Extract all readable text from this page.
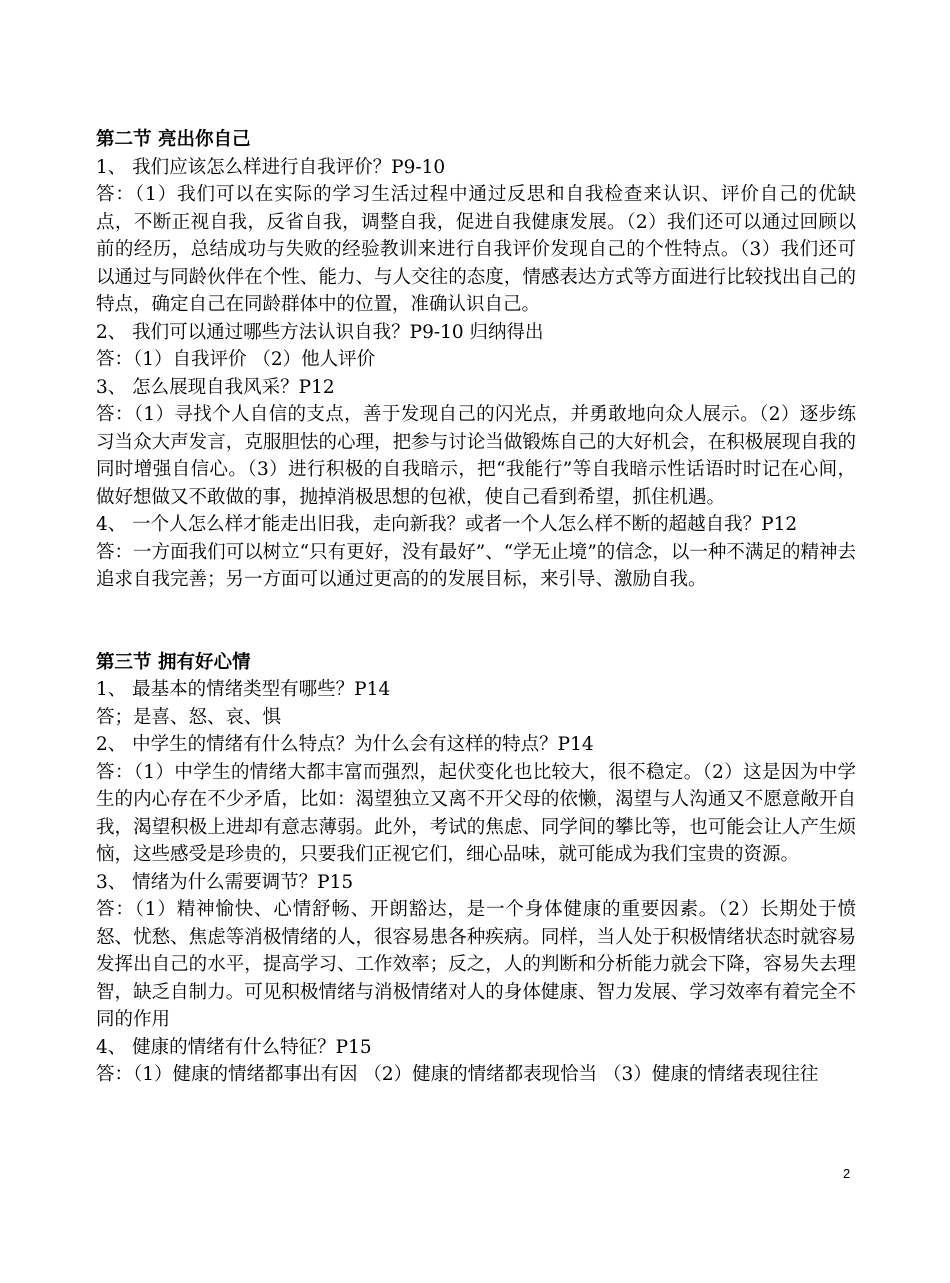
第二节 亮出你自己

1、 我们应该怎么样进行自我评价？P9-10

答：（1）我们可以在实际的学习生活过程中通过反思和自我检查来认识、评价自己的优缺点，不断正视自我，反省自我，调整自我，促进自我健康发展。（2）我们还可以通过回顾以前的经历，总结成功与失败的经验教训来进行自我评价发现自己的个性特点。（3）我们还可以通过与同龄伙伴在个性、能力、与人交往的态度，情感表达方式等方面进行比较找出自己的特点，确定自己在同龄群体中的位置，准确认识自己。

2、 我们可以通过哪些方法认识自我？P9-10 归纳得出

答：（1）自我评价 （2）他人评价

3、 怎么展现自我风采？P12

答：（1）寻找个人自信的支点，善于发现自己的闪光点，并勇敢地向众人展示。（2）逐步练习当众大声发言，克服胆怯的心理，把参与讨论当做锻炼自己的大好机会，在积极展现自我的同时增强自信心。（3）进行积极的自我暗示，把“我能行”等自我暗示性话语时时记在心间，做好想做又不敢做的事，抛掉消极思想的包袱，使自己看到希望，抓住机遇。

4、 一个人怎么样才能走出旧我，走向新我？或者一个人怎么样不断的超越自我？P12

答：一方面我们可以树立“只有更好，没有最好”、“学无止境”的信念，以一种不满足的精神去追求自我完善；另一方面可以通过更高的的发展目标，来引导、激励自我。

第三节 拥有好心情

1、 最基本的情绪类型有哪些？P14

答；是喜、怒、哀、惧

2、 中学生的情绪有什么特点？为什么会有这样的特点？P14

答：（1）中学生的情绪大都丰富而强烈，起伏变化也比较大，很不稳定。（2）这是因为中学生的内心存在不少矛盾，比如：渴望独立又离不开父母的依懒，渴望与人沟通又不愿意敞开自我，渴望积极上进却有意志薄弱。此外，考试的焦虑、同学间的攀比等，也可能会让人产生烦恼，这些感受是珍贵的，只要我们正视它们，细心品味，就可能成为我们宝贵的资源。

3、 情绪为什么需要调节？P15

答：（1）精神愉快、心情舒畅、开朗豁达，是一个身体健康的重要因素。（2）长期处于愤怒、忧愁、焦虑等消极情绪的人，很容易患各种疾病。同样，当人处于积极情绪状态时就容易发挥出自己的水平，提高学习、工作效率；反之，人的判断和分析能力就会下降，容易失去理智，缺乏自制力。可见积极情绪与消极情绪对人的身体健康、智力发展、学习效率有着完全不同的作用

4、 健康的情绪有什么特征？P15

答：（1）健康的情绪都事出有因 （2）健康的情绪都表现恰当 （3）健康的情绪表现往往

2
